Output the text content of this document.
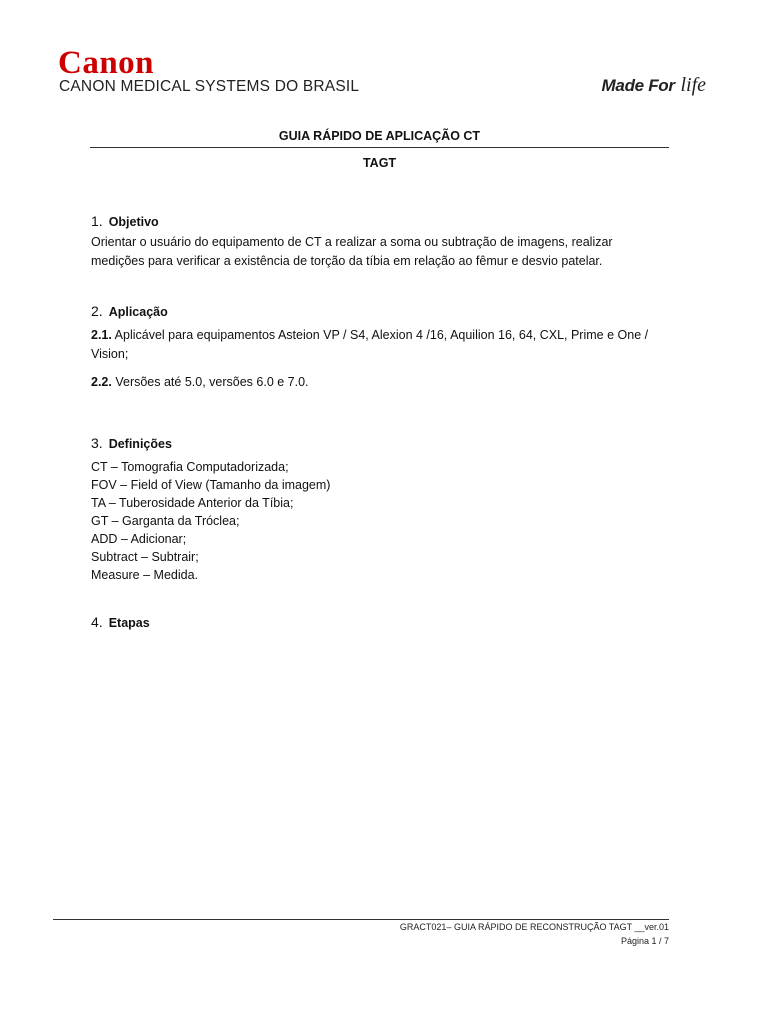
Canon
CANON MEDICAL SYSTEMS DO BRASIL	Made For life
GUIA RÁPIDO DE APLICAÇÃO CT
TAGT
1. Objetivo
Orientar o usuário do equipamento de CT a realizar a soma ou subtração de imagens, realizar medições para verificar a existência de torção da tíbia em relação ao fêmur e desvio patelar.
2. Aplicação
2.1. Aplicável para equipamentos Asteion VP / S4, Alexion 4 /16, Aquilion 16, 64, CXL, Prime e One / Vision;
2.2. Versões até 5.0, versões 6.0 e 7.0.
3. Definições
CT – Tomografia Computadorizada;
FOV – Field of View (Tamanho da imagem)
TA – Tuberosidade Anterior da Tíbia;
GT – Garganta da Tróclea;
ADD – Adicionar;
Subtract – Subtrair;
Measure – Medida.
4. Etapas
GRACT021– GUIA RÁPIDO DE RECONSTRUÇÃO TAGT __ver.01
Página 1 / 7
